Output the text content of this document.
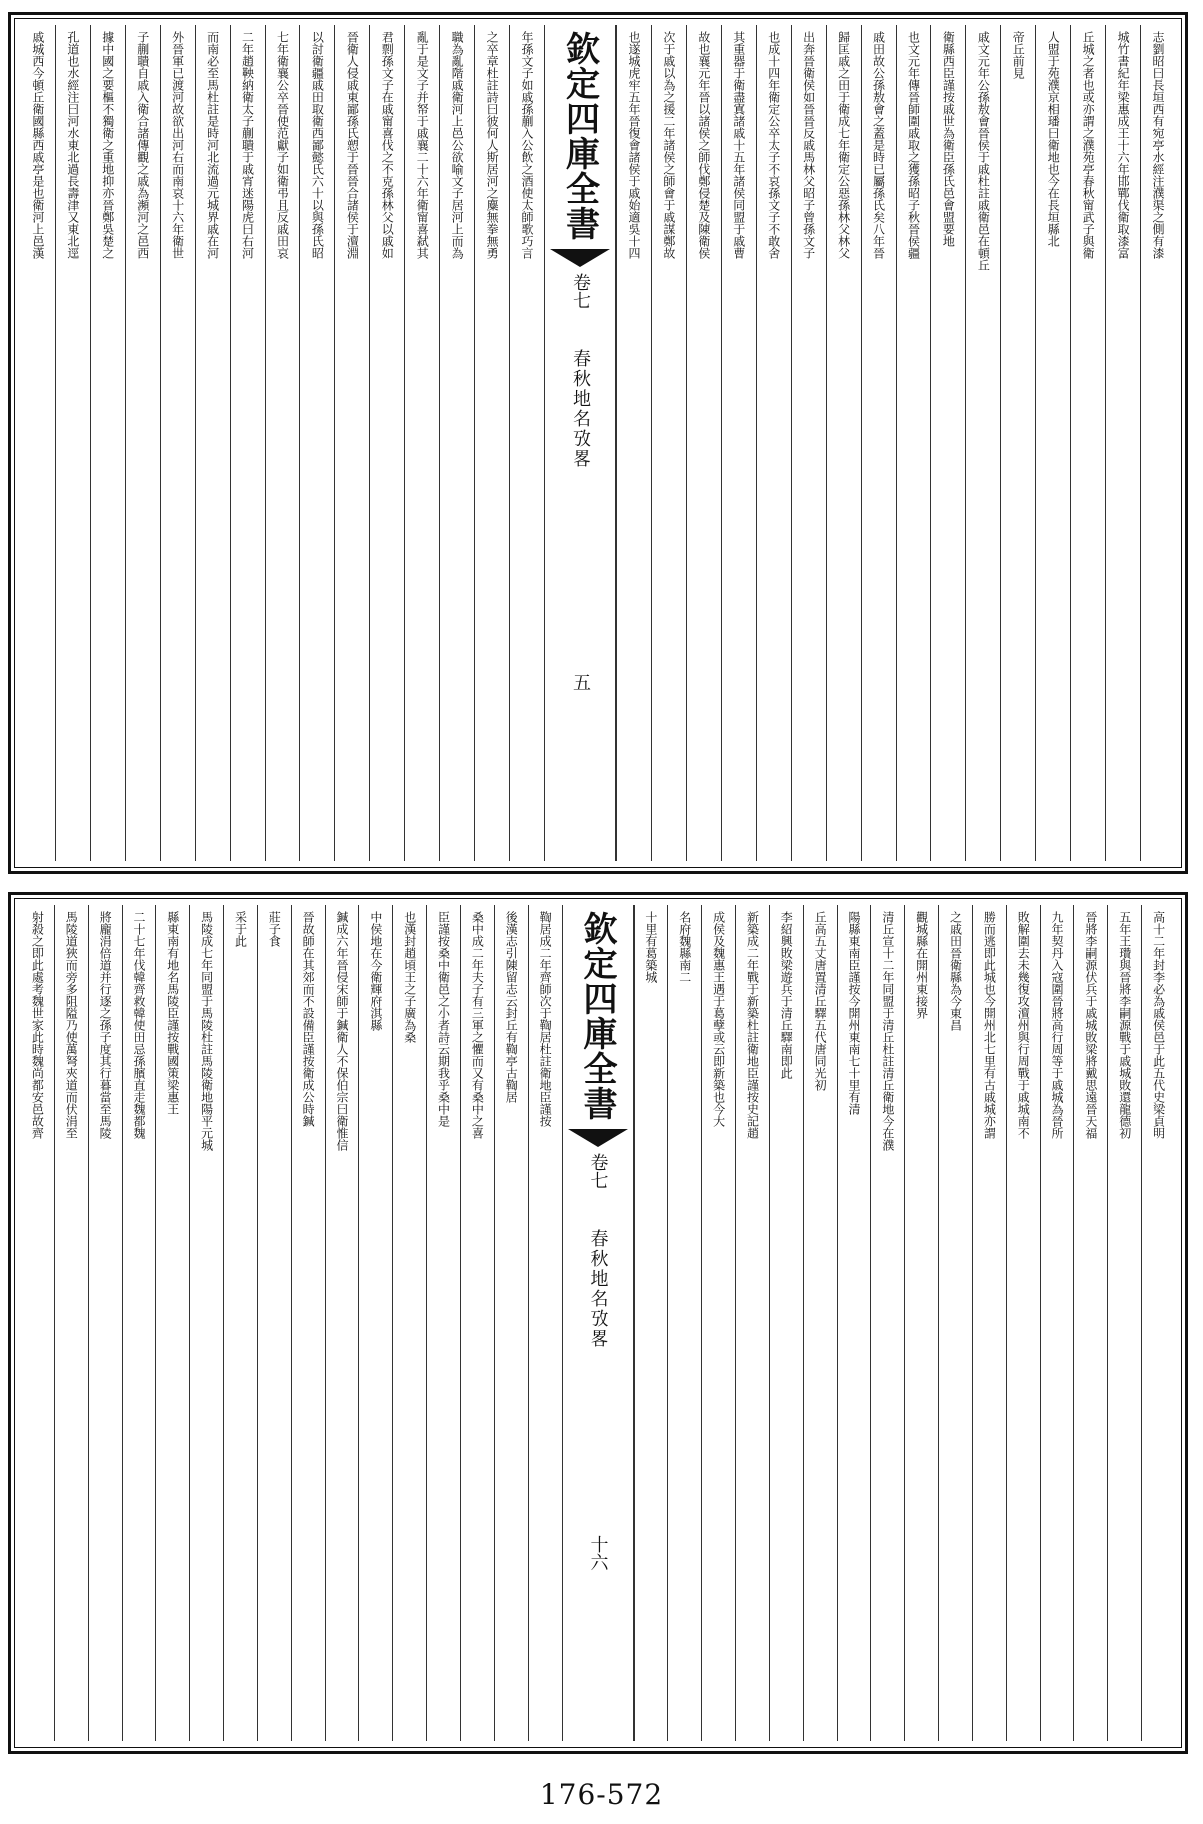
志劉昭曰長垣西有宛亭水經注濮渠之側有漆
城竹書紀年梁惠成王十六年邯鄲伐衛取漆富
丘城之者也或亦謂之濮苑亭春秋甯武子與衛
人盟于苑濮京相璠曰衛地也今在長垣縣北
帝丘前見
戚文元年公孫敖會晉侯于戚杜註戚衛邑在頓丘
衛縣西臣謹按戚世為衛臣孫氏邑會盟要地
也文元年傳晉師圍戚取之獲孫昭子秋晉侯疆
戚田故公孫敖會之蓋是時已屬孫氏矣八年晉
歸匡戚之田于衛成七年衛定公惡孫林父林父
出奔晉衛侯如晉晉反戚馬林父昭子曾孫文子
也成十四年衛定公卒太子不哀孫文子不敢舍
其重器于衛盡寘諸戚十五年諸侯同盟于戚曹
故也襄元年晉以諸侯之師伐鄭侵楚及陳衛侯
次于戚以為之援二年諸侯之師會于戚謀鄭故
也遂城虎牢五年晉復會諸侯于戚始適吳十四
欽定四庫全書
卷七
春秋地名攷畧
五
年孫文子如戚孫蒯入公飲之酒使太師歌巧言
之卒章杜註詩曰彼何人斯居河之麋無拳無勇
職為亂階戚衛河上邑公欲喻文子居河上而為
亂于是文子并帑于戚襄二十六年衛甯喜弑其
君剽孫文子在戚甯喜伐之不克孫林父以戚如
晉衛人侵戚東鄙孫氏愬于晉晉合諸侯于澶淵
以討衛疆戚田取衛西鄙懿氏六十以與孫氏昭
七年衛襄公卒晉使范獻子如衛弔且反戚田哀
二年趙鞅納衛太子蒯聵于戚宵迷陽虎曰右河
而南必至馬杜註是時河北流過元城界戚在河
外晉軍已渡河故欲出河右而南哀十六年衛世
子蒯聵自戚入衛合諸傳觀之戚為瀕河之邑西
據中國之要樞不獨衛之重地抑亦晉鄭吳楚之
孔道也水經注曰河水東北過長壽津又東北逕
戚城西今頓丘衛國縣西戚亭是也衛河上邑漢
高十二年封李必為戚侯邑于此五代史梁貞明
五年王瓚與晉將李嗣源戰于戚城敗還龍德初
晉將李嗣源伏兵于戚城敗梁將戴思遠晉天福
九年契丹入寇圍晉將高行周等于戚城為晉所
敗解圍去未幾復攻澶州與行周戰于戚城南不
勝而逃即此城也今開州北七里有古戚城亦謂
之戚田晉衛縣為今東昌
觀城縣在開州東接界
清丘宣十二年同盟于清丘杜註清丘衛地今在濮
陽縣東南臣謹按今開州東南七十里有清
丘高五丈唐置清丘驛五代唐同光初
李紹興敗梁遊兵于清丘驛南即此
新築成二年戰于新築杜註衛地臣謹按史記趙
成侯及魏惠王遇于葛孽或云即新築也今大
名府魏縣南二
十里有葛築城
欽定四庫全書
卷七
春秋地名攷畧
十六
鞫居成二年齊師次于鞫居杜註衛地臣謹按
後漢志引陳留志云封丘有鞫亭古鞫居
桑中成二年夫子有三軍之懼而又有桑中之喜
臣謹按桑中衛邑之小者詩云期我乎桑中是
也漢封趙頃王之子廣為桑
中侯地在今衛輝府淇縣
鍼成六年晉侵宋師于鍼衛人不保伯宗曰衛惟信
晉故師在其郊而不設備臣謹按衛成公時鍼
莊子食
采于此
馬陵成七年同盟于馬陵杜註馬陵衛地陽平元城
縣東南有地名馬陵臣謹按戰國策梁惠王
二十七年伐韓齊救韓使田忌孫臏直走魏都魏
將龐涓倍道并行逐之孫子度其行暮當至馬陵
馬陵道狹而旁多阻隘乃使萬弩夾道而伏涓至
射殺之即此處考魏世家此時魏尚都安邑故齊
176-572
